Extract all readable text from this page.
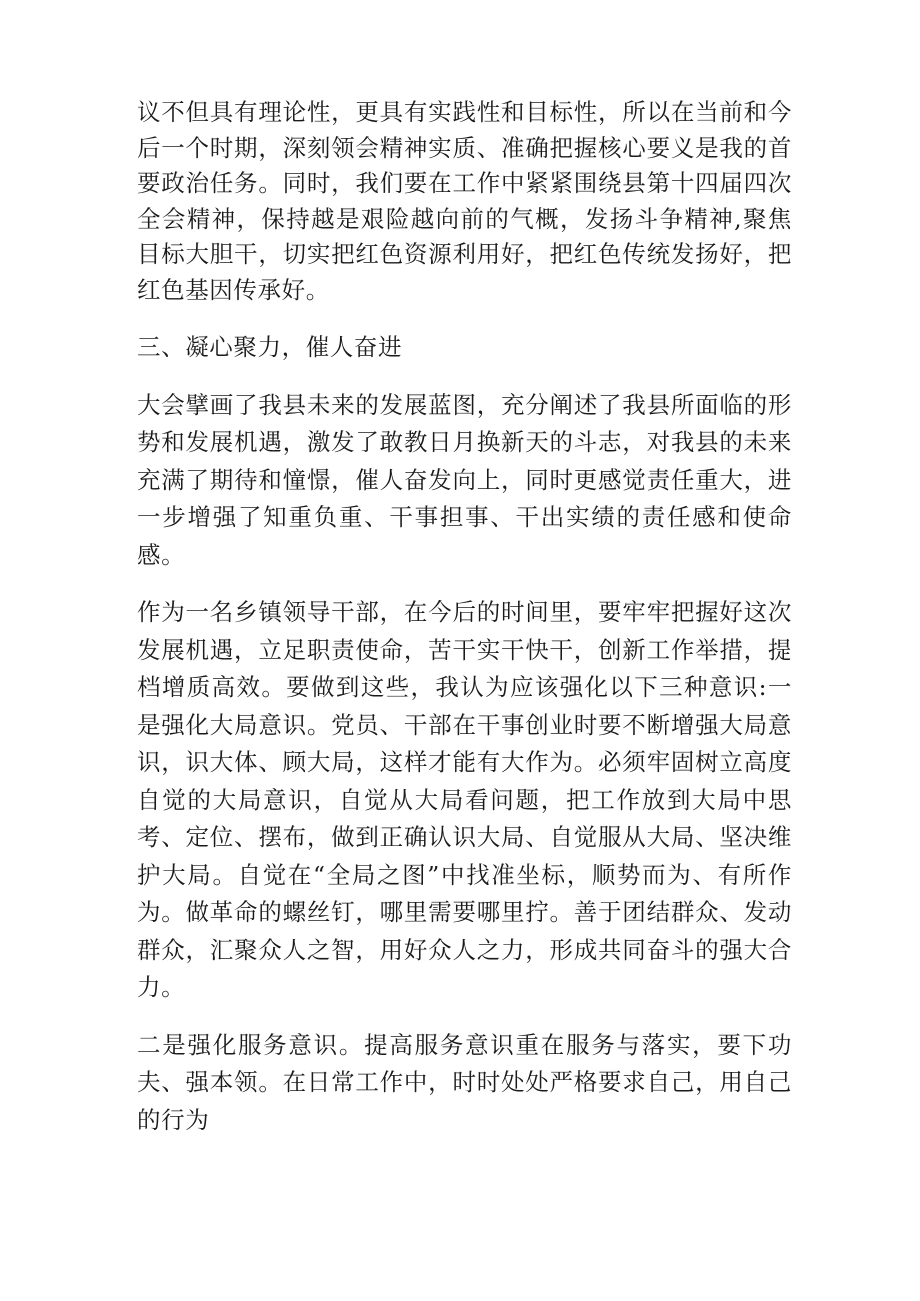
议不但具有理论性，更具有实践性和目标性，所以在当前和今后一个时期，深刻领会精神实质、准确把握核心要义是我的首要政治任务。同时，我们要在工作中紧紧围绕县第十四届四次全会精神，保持越是艰险越向前的气概，发扬斗争精神,聚焦目标大胆干，切实把红色资源利用好，把红色传统发扬好，把红色基因传承好。

三、凝心聚力，催人奋进

大会擘画了我县未来的发展蓝图，充分阐述了我县所面临的形势和发展机遇，激发了敢教日月换新天的斗志，对我县的未来充满了期待和憧憬，催人奋发向上，同时更感觉责任重大，进一步增强了知重负重、干事担事、干出实绩的责任感和使命感。

作为一名乡镇领导干部，在今后的时间里，要牢牢把握好这次发展机遇，立足职责使命，苦干实干快干，创新工作举措，提档增质高效。要做到这些，我认为应该强化以下三种意识:一是强化大局意识。党员、干部在干事创业时要不断增强大局意识，识大体、顾大局，这样才能有大作为。必须牢固树立高度自觉的大局意识，自觉从大局看问题，把工作放到大局中思考、定位、摆布，做到正确认识大局、自觉服从大局、坚决维护大局。自觉在“全局之图”中找准坐标，顺势而为、有所作为。做革命的螺丝钉，哪里需要哪里拧。善于团结群众、发动群众，汇聚众人之智，用好众人之力，形成共同奋斗的强大合力。

二是强化服务意识。提高服务意识重在服务与落实，要下功夫、强本领。在日常工作中，时时处处严格要求自己，用自己的行为
